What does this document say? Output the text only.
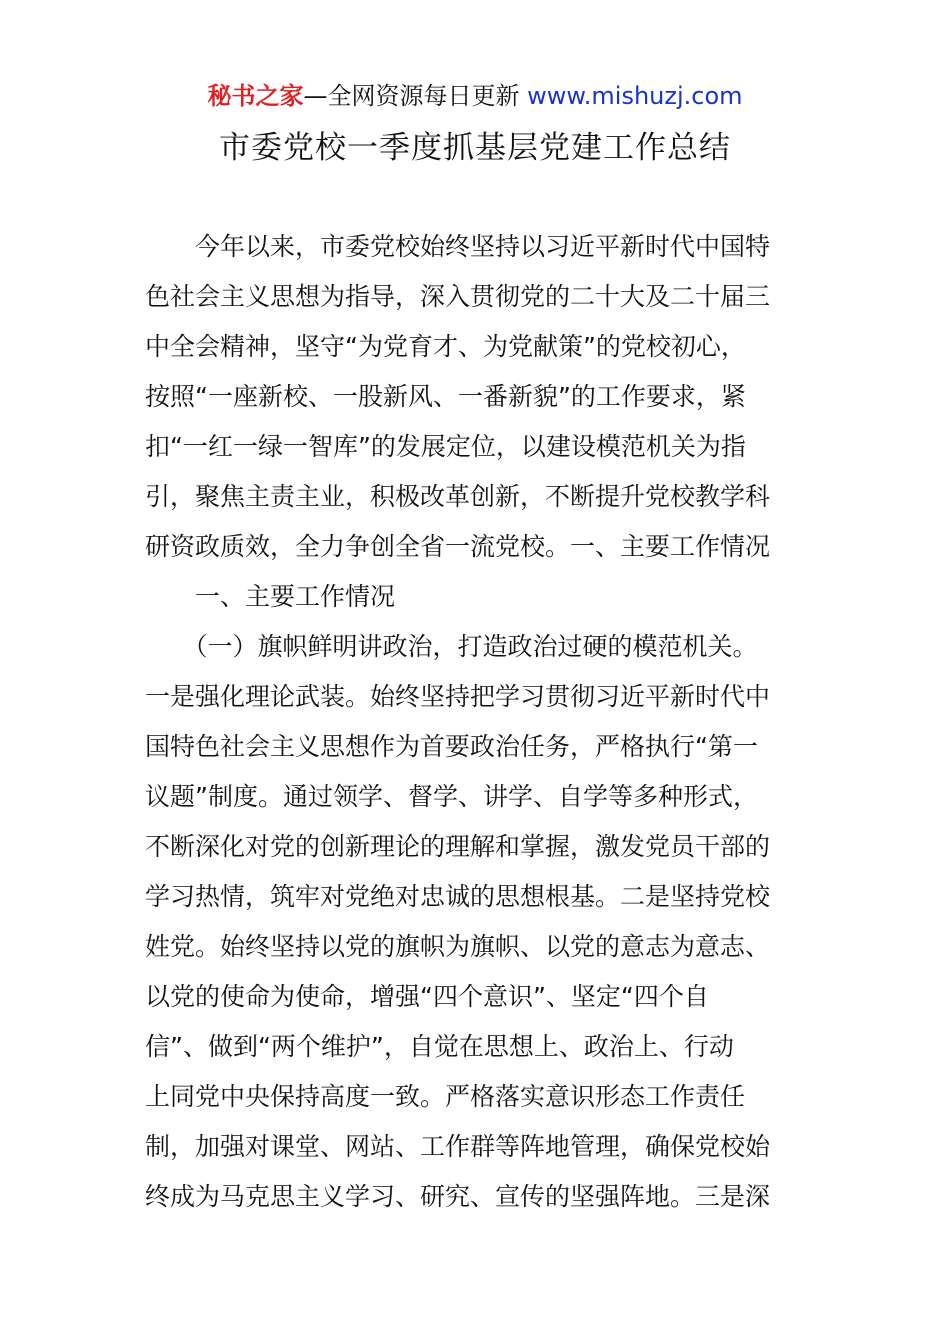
秘书之家—全网资源每日更新 www.mishuzj.com
市委党校一季度抓基层党建工作总结
　　今年以来，市委党校始终坚持以习近平新时代中国特
色社会主义思想为指导，深入贯彻党的二十大及二十届三
中全会精神，坚守“为党育才、为党献策”的党校初心，
按照“一座新校、一股新风、一番新貌”的工作要求，紧
扣“一红一绿一智库”的发展定位，以建设模范机关为指
引，聚焦主责主业，积极改革创新，不断提升党校教学科
研资政质效，全力争创全省一流党校。一、主要工作情况
　　一、主要工作情况
　　（一）旗帜鲜明讲政治，打造政治过硬的模范机关。
一是强化理论武装。始终坚持把学习贯彻习近平新时代中
国特色社会主义思想作为首要政治任务，严格执行“第一
议题”制度。通过领学、督学、讲学、自学等多种形式，
不断深化对党的创新理论的理解和掌握，激发党员干部的
学习热情，筑牢对党绝对忠诚的思想根基。二是坚持党校
姓党。始终坚持以党的旗帜为旗帜、以党的意志为意志、
以党的使命为使命，增强“四个意识”、坚定“四个自
信”、做到“两个维护”，自觉在思想上、政治上、行动
上同党中央保持高度一致。严格落实意识形态工作责任
制，加强对课堂、网站、工作群等阵地管理，确保党校始
终成为马克思主义学习、研究、宣传的坚强阵地。三是深
